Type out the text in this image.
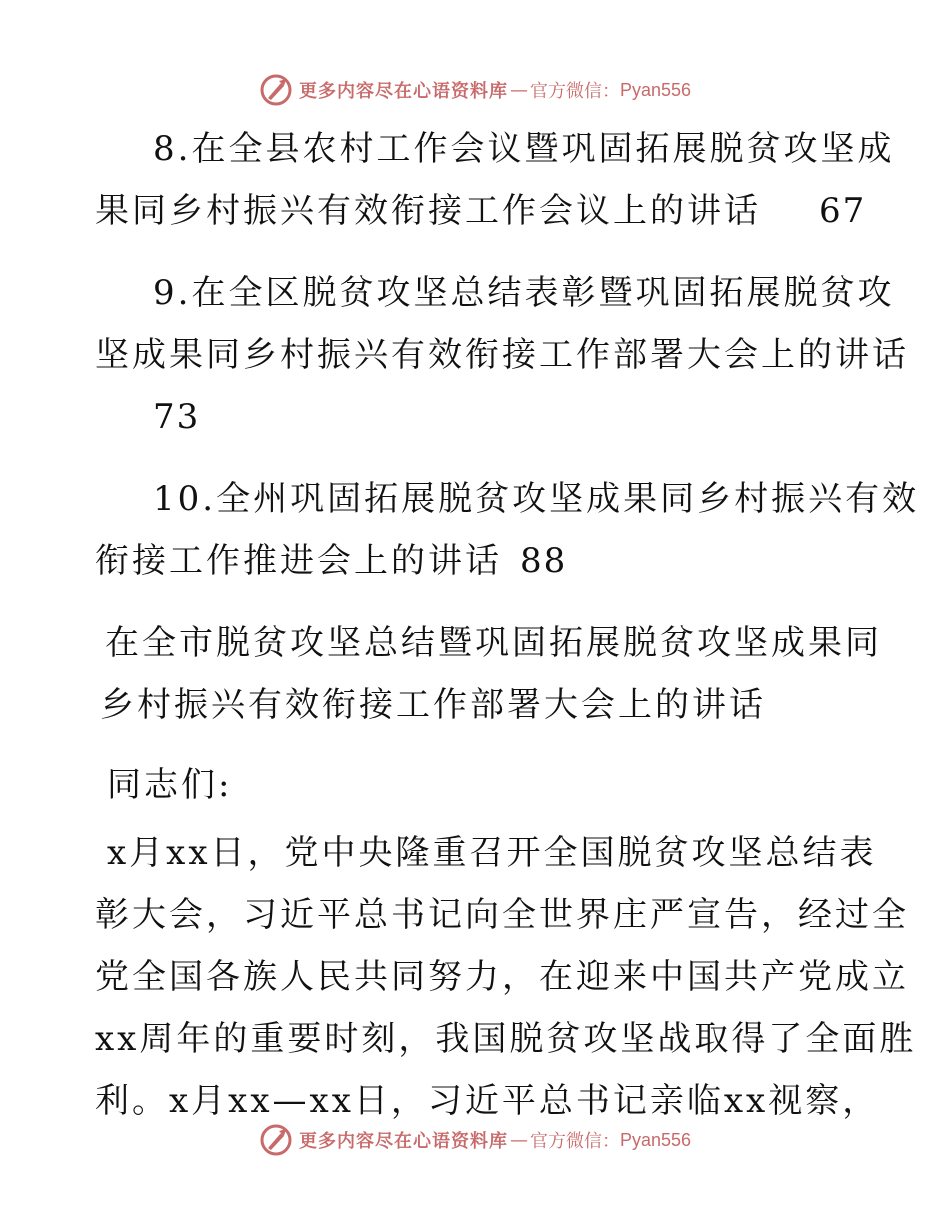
更多内容尽在心语资料库 — 官方微信： Pyan556
8.在全县农村工作会议暨巩固拓展脱贫攻坚成
果同乡村振兴有效衔接工作会议上的讲话 67
9.在全区脱贫攻坚总结表彰暨巩固拓展脱贫攻
坚成果同乡村振兴有效衔接工作部署大会上的讲话
73
10.全州巩固拓展脱贫攻坚成果同乡村振兴有效
衔接工作推进会上的讲话 88
在全市脱贫攻坚总结暨巩固拓展脱贫攻坚成果同
乡村振兴有效衔接工作部署大会上的讲话
同志们:
x月xx日，党中央隆重召开全国脱贫攻坚总结表
彰大会，习近平总书记向全世界庄严宣告，经过全
党全国各族人民共同努力，在迎来中国共产党成立
xx周年的重要时刻，我国脱贫攻坚战取得了全面胜
利。x月xx—xx日，习近平总书记亲临xx视察，
更多内容尽在心语资料库 — 官方微信： Pyan556
